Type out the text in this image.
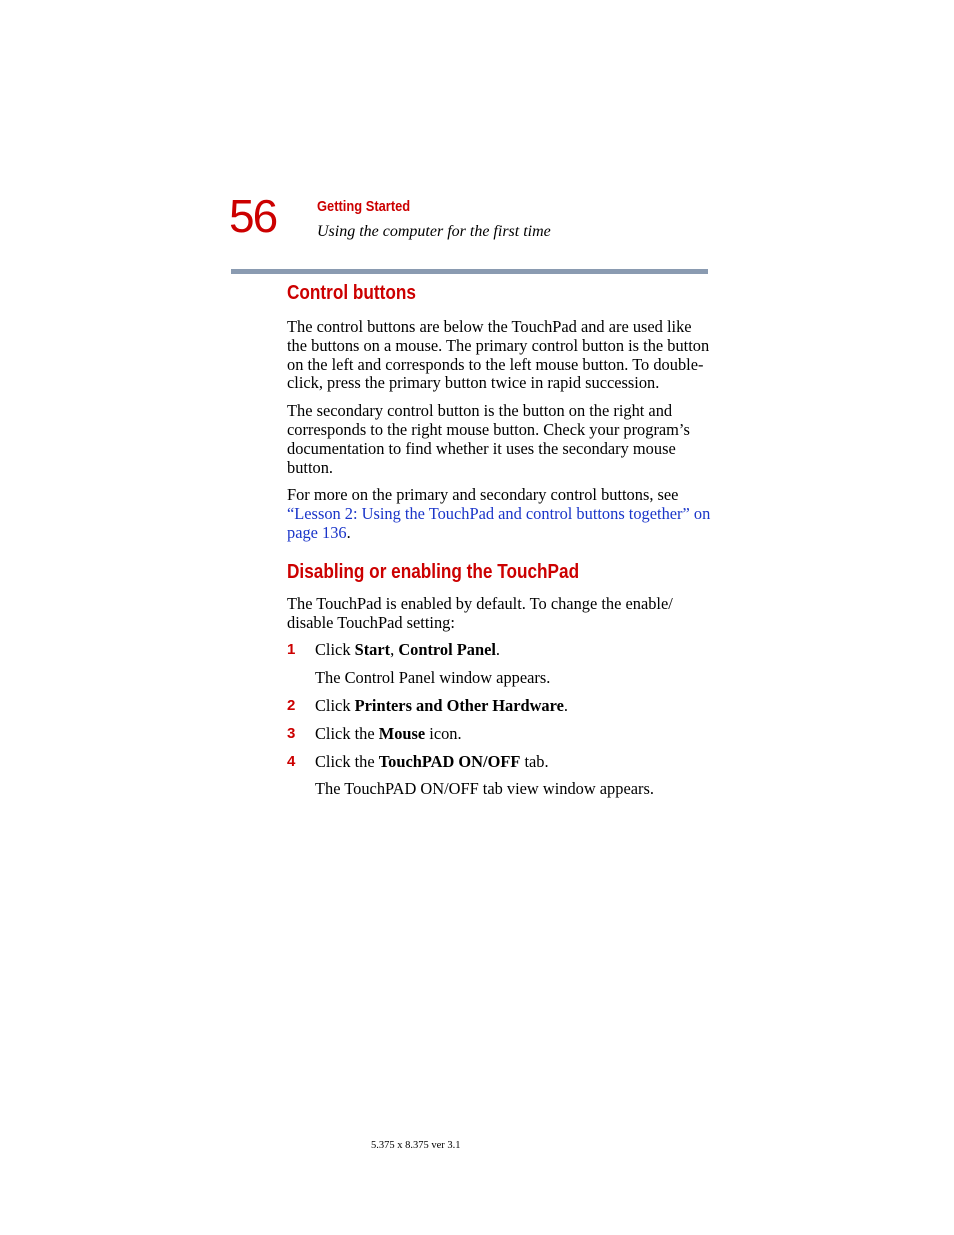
56	Getting Started
Using the computer for the first time
Control buttons

The control buttons are below the TouchPad and are used like the buttons on a mouse. The primary control button is the button on the left and corresponds to the left mouse button. To double-click, press the primary button twice in rapid succession.

The secondary control button is the button on the right and corresponds to the right mouse button. Check your program’s documentation to find whether it uses the secondary mouse button.

For more on the primary and secondary control buttons, see “Lesson 2: Using the TouchPad and control buttons together” on page 136.

Disabling or enabling the TouchPad

The TouchPad is enabled by default. To change the enable/ disable TouchPad setting:

1 Click Start, Control Panel.
The Control Panel window appears.
2 Click Printers and Other Hardware.
3 Click the Mouse icon.
4 Click the TouchPAD ON/OFF tab.
The TouchPAD ON/OFF tab view window appears.
5.375 x 8.375 ver 3.1
